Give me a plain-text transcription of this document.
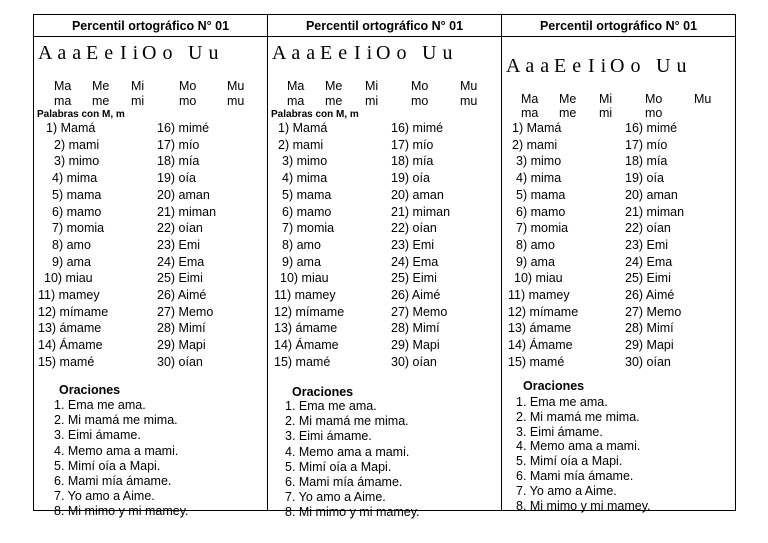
Percentil ortográfico N° 01
A a a E e I i O o U u
Ma Me Mi	Mo Mu
ma me mi	mo mu
Palabras con M, m
1) Mamá
2) mami
3) mimo
4) mima
5) mama
6) mamo
7) momia
8) amo
9) ama
10) miau
11) mamey
12) mímame
13) ámame
14) Ámame
15) mamé
16) mimé
17) mío
18) mía
19) oía
20) aman
21) miman
22) oían
23) Emi
24) Ema
25) Eimi
26) Aimé
27) Memo
28) Mimí
29) Mapi
30) oían
Oraciones
1. Ema me ama.
2. Mi mamá me mima.
3. Eimi ámame.
4. Memo ama a mami.
5. Mimí oía a Mapi.
6. Mami mía ámame.
7. Yo amo a Aime.
8. Mi mimo y mi mamey.
Percentil ortográfico N° 01
A a a E e I i O o U u
Ma Me Mi	Mo	Mu
ma me mi	mo	mu
Palabras con M, m
1) Mamá
2) mami
3) mimo
4) mima
5) mama
6) mamo
7) momia
8) amo
9) ama
10) miau
11) mamey
12) mímame
13) ámame
14) Ámame
15) mamé
16) mimé
17) mío
18) mía
19) oía
20) aman
21) miman
22) oían
23) Emi
24) Ema
25) Eimi
26) Aimé
27) Memo
28) Mimí
29) Mapi
30) oían
Oraciones
1. Ema me ama.
2. Mi mamá me mima.
3. Eimi ámame.
4. Memo ama a mami.
5. Mimí oía a Mapi.
6. Mami mía ámame.
7. Yo amo a Aime.
8. Mi mimo y mi mamey.
Percentil ortográfico N° 01
A a a E e I i O o U u
Ma Me Mi	Mo	Mu
ma me mi	mo
1) Mamá
2) mami
3) mimo
4) mima
5) mama
6) mamo
7) momia
8) amo
9) ama
10) miau
11) mamey
12) mímame
13) ámame
14) Ámame
15) mamé
16) mimé
17) mío
18) mía
19) oía
20) aman
21) miman
22) oían
23) Emi
24) Ema
25) Eimi
26) Aimé
27) Memo
28) Mimí
29) Mapi
30) oían
Oraciones
1. Ema me ama.
2. Mi mamá me mima.
3. Eimi ámame.
4. Memo ama a mami.
5. Mimí oía a Mapi.
6. Mami mía ámame.
7. Yo amo a Aime.
8. Mi mimo y mi mamey.
